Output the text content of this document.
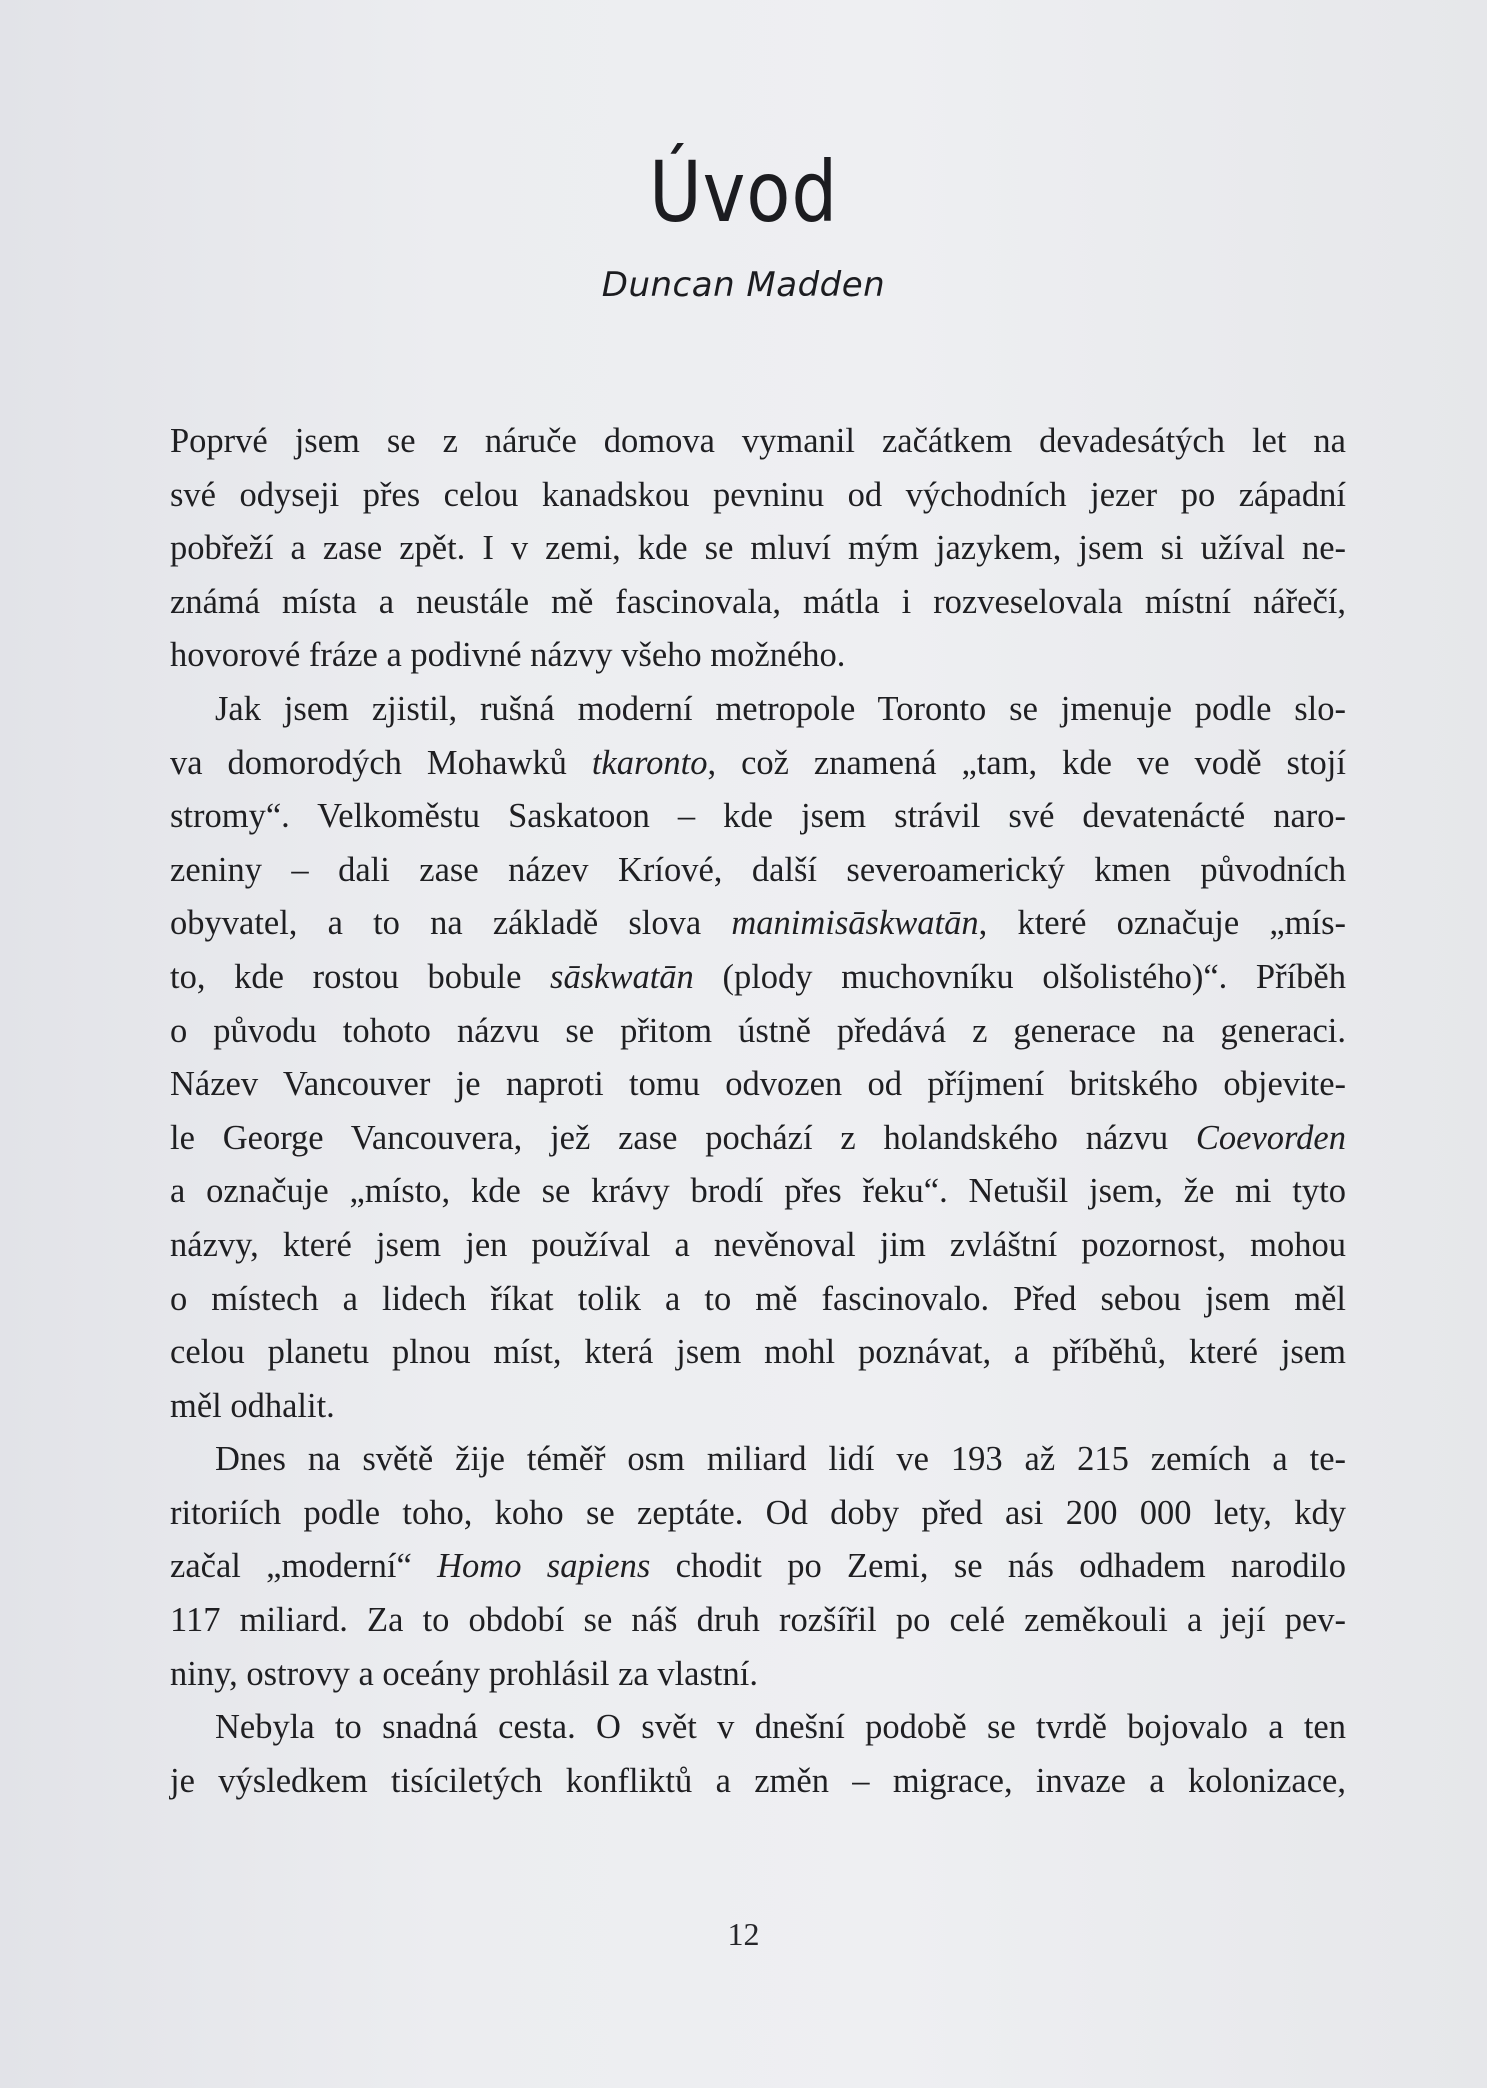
Úvod
Duncan Madden

Poprvé jsem se z náruče domova vymanil začátkem devadesátých let na
své odyseji přes celou kanadskou pevninu od východních jezer po západní
pobřeží a zase zpět. I v zemi, kde se mluví mým jazykem, jsem si užíval ne-
známá místa a neustále mě fascinovala, mátla i rozveselovala místní nářečí,
hovorové fráze a podivné názvy všeho možného.

Jak jsem zjistil, rušná moderní metropole Toronto se jmenuje podle slo-
va domorodých Mohawků tkaronto, což znamená „tam, kde ve vodě stojí
stromy“. Velkoměstu Saskatoon – kde jsem strávil své devatenácté naro-
zeniny – dali zase název Kríové, další severoamerický kmen původních
obyvatel, a to na základě slova manimisāskwatān, které označuje „mís-
to, kde rostou bobule sāskwatān (plody muchovníku olšolistého)“. Příběh
o původu tohoto názvu se přitom ústně předává z generace na generaci.
Název Vancouver je naproti tomu odvozen od příjmení britského objevite-
le George Vancouvera, jež zase pochází z holandského názvu Coevorden
a označuje „místo, kde se krávy brodí přes řeku“. Netušil jsem, že mi tyto
názvy, které jsem jen používal a nevěnoval jim zvláštní pozornost, mohou
o místech a lidech říkat tolik a to mě fascinovalo. Před sebou jsem měl
celou planetu plnou míst, která jsem mohl poznávat, a příběhů, které jsem
měl odhalit.

Dnes na světě žije téměř osm miliard lidí ve 193 až 215 zemích a te-
ritoriích podle toho, koho se zeptáte. Od doby před asi 200 000 lety, kdy
začal „moderní“ Homo sapiens chodit po Zemi, se nás odhadem narodilo
117 miliard. Za to období se náš druh rozšířil po celé zeměkouli a její pev-
niny, ostrovy a oceány prohlásil za vlastní.

Nebyla to snadná cesta. O svět v dnešní podobě se tvrdě bojovalo a ten
je výsledkem tisíciletých konfliktů a změn – migrace, invaze a kolonizace,

12
